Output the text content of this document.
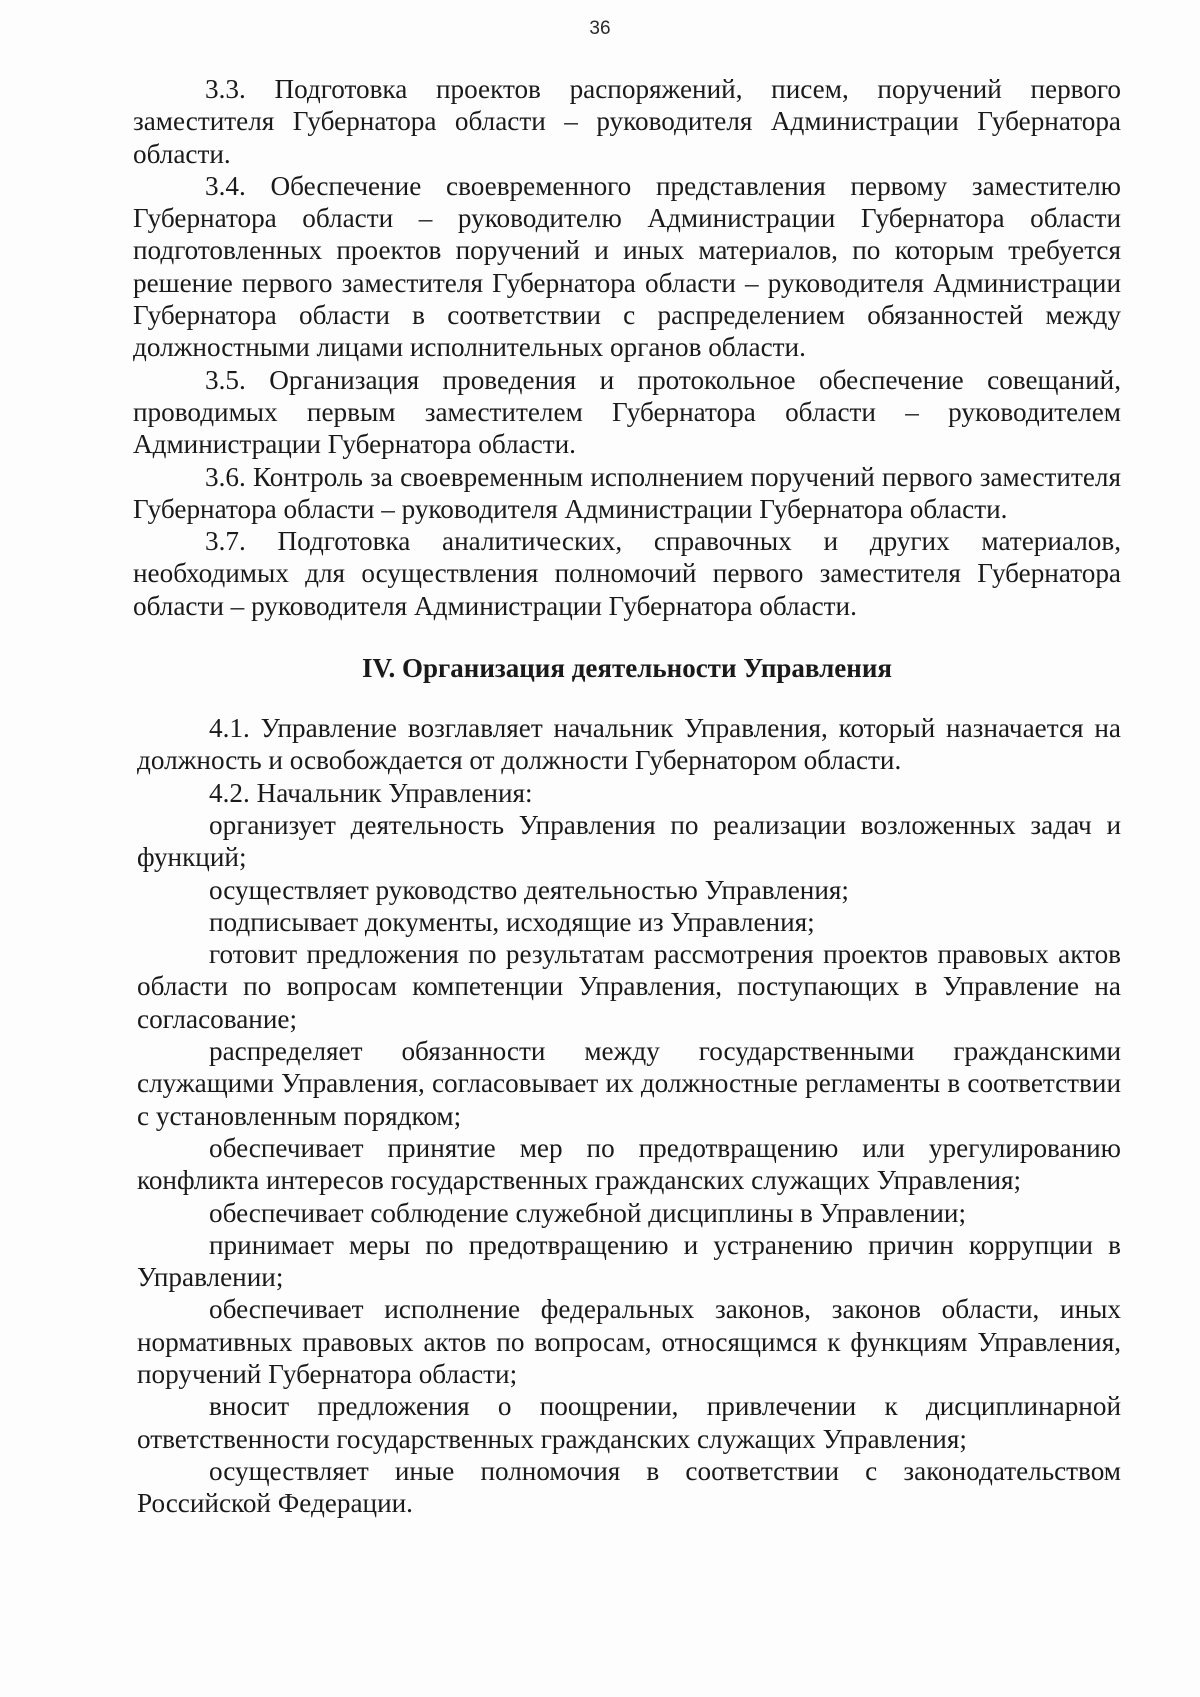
36

3.3. Подготовка проектов распоряжений, писем, поручений первого заместителя Губернатора области – руководителя Администрации Губернатора области.

3.4. Обеспечение своевременного представления первому заместителю Губернатора области – руководителю Администрации Губернатора области подготовленных проектов поручений и иных материалов, по которым требуется решение первого заместителя Губернатора области – руководителя Администрации Губернатора области в соответствии с распределением обязанностей между должностными лицами исполнительных органов области.

3.5. Организация проведения и протокольное обеспечение совещаний, проводимых первым заместителем Губернатора области – руководителем Администрации Губернатора области.

3.6. Контроль за своевременным исполнением поручений первого заместителя Губернатора области – руководителя Администрации Губернатора области.

3.7. Подготовка аналитических, справочных и других материалов, необходимых для осуществления полномочий первого заместителя Губернатора области – руководителя Администрации Губернатора области.

IV. Организация деятельности Управления

4.1. Управление возглавляет начальник Управления, который назначается на должность и освобождается от должности Губернатором области.

4.2. Начальник Управления:

организует деятельность Управления по реализации возложенных задач и функций;

осуществляет руководство деятельностью Управления;

подписывает документы, исходящие из Управления;

готовит предложения по результатам рассмотрения проектов правовых актов области по вопросам компетенции Управления, поступающих в Управление на согласование;

распределяет обязанности между государственными гражданскими служащими Управления, согласовывает их должностные регламенты в соответствии с установленным порядком;

обеспечивает принятие мер по предотвращению или урегулированию конфликта интересов государственных гражданских служащих Управления;

обеспечивает соблюдение служебной дисциплины в Управлении;

принимает меры по предотвращению и устранению причин коррупции в Управлении;

обеспечивает исполнение федеральных законов, законов области, иных нормативных правовых актов по вопросам, относящимся к функциям Управления, поручений Губернатора области;

вносит предложения о поощрении, привлечении к дисциплинарной ответственности государственных гражданских служащих Управления;

осуществляет иные полномочия в соответствии с законодательством Российской Федерации.
